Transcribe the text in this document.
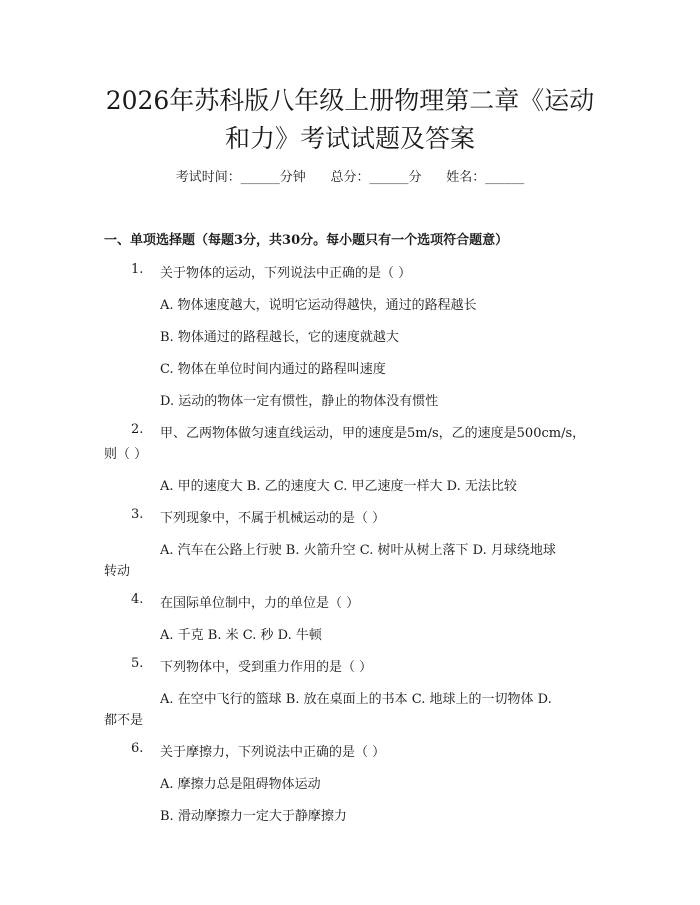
2026年苏科版八年级上册物理第二章《运动
和力》考试试题及答案
考试时间：______分钟      总分：______分      姓名：______
一、单项选择题（每题3分，共30分。每小题只有一个选项符合题意）
1. 关于物体的运动，下列说法中正确的是（ ）
A. 物体速度越大，说明它运动得越快，通过的路程越长
B. 物体通过的路程越长，它的速度就越大
C. 物体在单位时间内通过的路程叫速度
D. 运动的物体一定有惯性，静止的物体没有惯性
2. 甲、乙两物体做匀速直线运动，甲的速度是5m/s，乙的速度是500cm/s，
则（ ）
A. 甲的速度大 B. 乙的速度大 C. 甲乙速度一样大 D. 无法比较
3. 下列现象中，不属于机械运动的是（ ）
A. 汽车在公路上行驶 B. 火箭升空 C. 树叶从树上落下 D. 月球绕地球
转动
4. 在国际单位制中，力的单位是（ ）
A. 千克 B. 米 C. 秒 D. 牛顿
5. 下列物体中，受到重力作用的是（ ）
A. 在空中飞行的篮球 B. 放在桌面上的书本 C. 地球上的一切物体 D.
都不是
6. 关于摩擦力，下列说法中正确的是（ ）
A. 摩擦力总是阻碍物体运动
B. 滑动摩擦力一定大于静摩擦力
